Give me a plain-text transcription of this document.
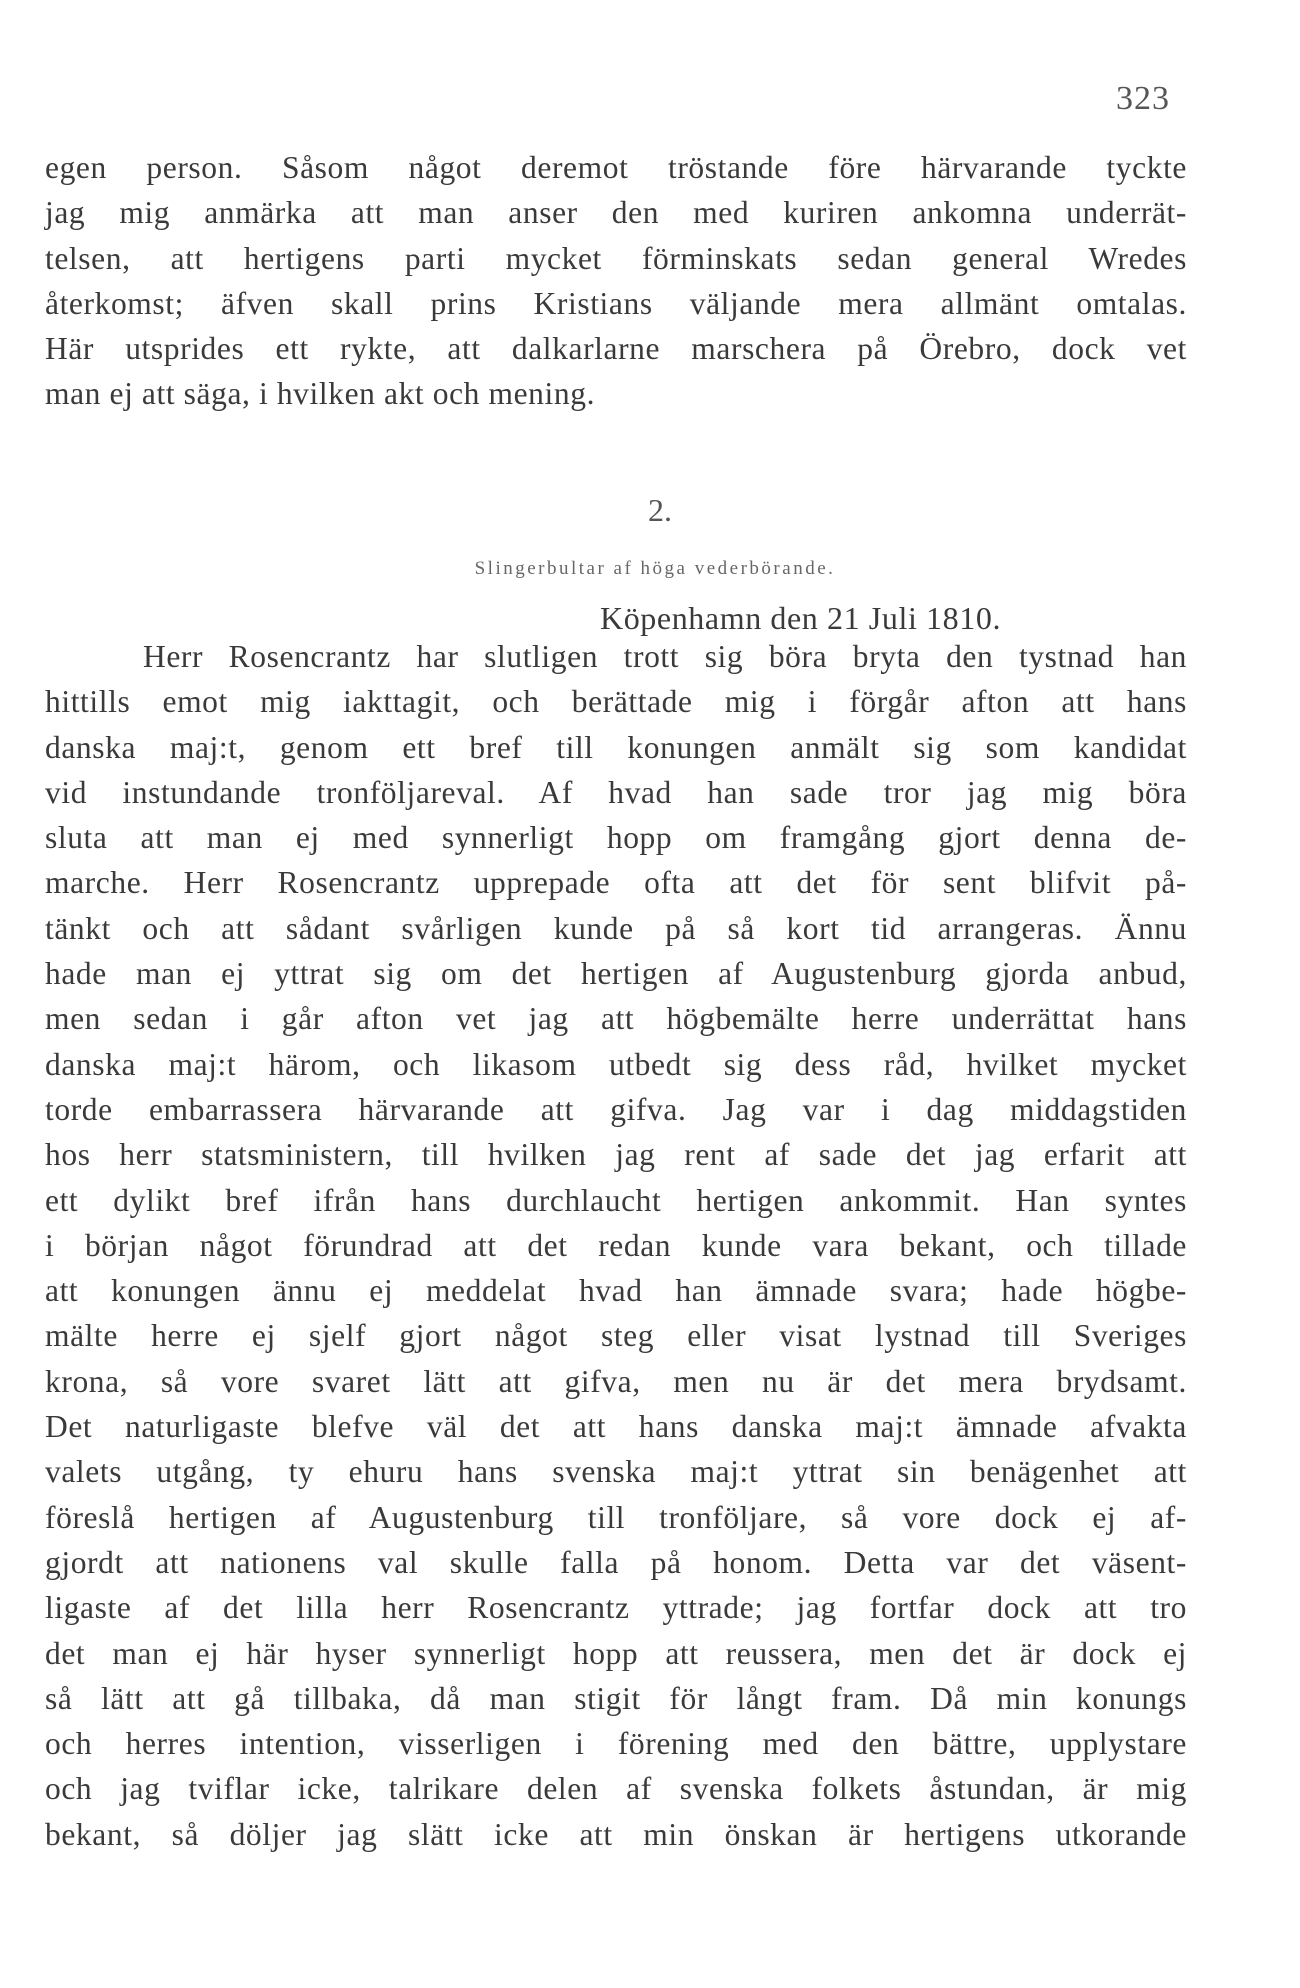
323
egen person. Såsom något deremot tröstande före härvarande tyckte
jag mig anmärka att man anser den med kuriren ankomna underrät-
telsen, att hertigens parti mycket förminskats sedan general Wredes
återkomst; äfven skall prins Kristians väljande mera allmänt omtalas.
Här utsprides ett rykte, att dalkarlarne marschera på Örebro, dock vet
man ej att säga, i hvilken akt och mening.
2.
Slingerbultar af höga vederbörande.
Köpenhamn den 21 Juli 1810.
Herr Rosencrantz har slutligen trott sig böra bryta den tystnad han
hittills emot mig iakttagit, och berättade mig i förgår afton att hans
danska maj:t, genom ett bref till konungen anmält sig som kandidat
vid instundande tronföljareval. Af hvad han sade tror jag mig böra
sluta att man ej med synnerligt hopp om framgång gjort denna de-
marche. Herr Rosencrantz upprepade ofta att det för sent blifvit på-
tänkt och att sådant svårligen kunde på så kort tid arrangeras. Ännu
hade man ej yttrat sig om det hertigen af Augustenburg gjorda anbud,
men sedan i går afton vet jag att högbemälte herre underrättat hans
danska maj:t härom, och likasom utbedt sig dess råd, hvilket mycket
torde embarrassera härvarande att gifva. Jag var i dag middagstiden
hos herr statsministern, till hvilken jag rent af sade det jag erfarit att
ett dylikt bref ifrån hans durchlaucht hertigen ankommit. Han syntes
i början något förundrad att det redan kunde vara bekant, och tillade
att konungen ännu ej meddelat hvad han ämnade svara; hade högbe-
mälte herre ej sjelf gjort något steg eller visat lystnad till Sveriges
krona, så vore svaret lätt att gifva, men nu är det mera brydsamt.
Det naturligaste blefve väl det att hans danska maj:t ämnade afvakta
valets utgång, ty ehuru hans svenska maj:t yttrat sin benägenhet att
föreslå hertigen af Augustenburg till tronföljare, så vore dock ej af-
gjordt att nationens val skulle falla på honom. Detta var det väsent-
ligaste af det lilla herr Rosencrantz yttrade; jag fortfar dock att tro
det man ej här hyser synnerligt hopp att reussera, men det är dock ej
så lätt att gå tillbaka, då man stigit för långt fram. Då min konungs
och herres intention, visserligen i förening med den bättre, upplystare
och jag tviflar icke, talrikare delen af svenska folkets åstundan, är mig
bekant, så döljer jag slätt icke att min önskan är hertigens utkorande
